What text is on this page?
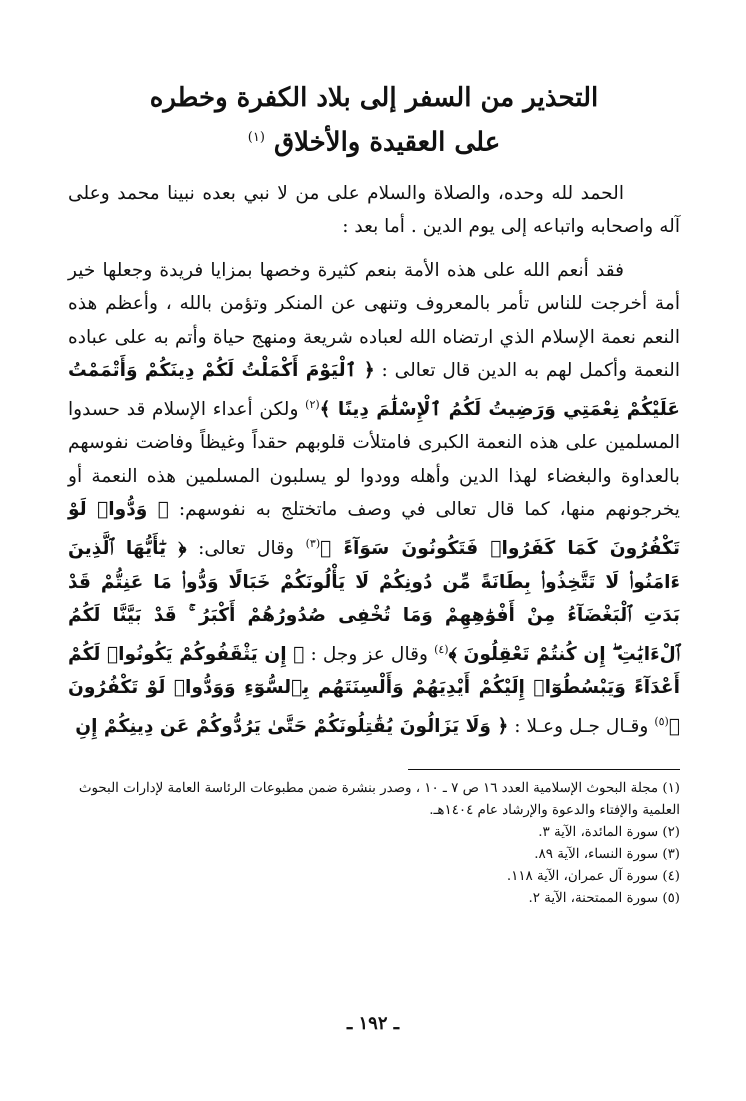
التحذير من السفر إلى بلاد الكفرة وخطره
على العقيدة والأخلاق $^{(١)}$

الحمد لله وحده، والصلاة والسلام على من لا نبي بعده نبينا محمد وعلى آله واصحابه واتباعه إلى يوم الدين . أما بعد :

فقد أنعم الله على هذه الأمة بنعم كثيرة وخصها بمزايا فريدة وجعلها خير أمة أخرجت للناس تأمر بالمعروف وتنهى عن المنكر وتؤمن بالله ، وأعظم هذه النعم نعمة الإسلام الذي ارتضاه الله لعباده شريعة ومنهج حياة وأتم به على عباده النعمة وأكمل لهم به الدين قال تعالى : ﴿ ٱلْيَوْمَ أَكْمَلْتُ لَكُمْ دِينَكُمْ وَأَتْمَمْتُ عَلَيْكُمْ نِعْمَتِي وَرَضِيتُ لَكُمُ ٱلْإِسْلَٰمَ دِينًا ﴾$^{(٢)}$ ولكن أعداء الإسلام قد حسدوا المسلمين على هذه النعمة الكبرى فامتلأت قلوبهم حقداً وغيظاً وفاضت نفوسهم بالعداوة والبغضاء لهذا الدين وأهله وودوا لو يسلبون المسلمين هذه النعمة أو يخرجونهم منها، كما قال تعالى في وصف ماتختلج به نفوسهم: ﴿ وَدُّوا۟ لَوْ تَكْفُرُونَ كَمَا كَفَرُوا۟ فَتَكُونُونَ سَوَآءً ﴾$^{(٣)}$ وقال تعالى: ﴿ يَٰٓأَيُّهَا ٱلَّذِينَ ءَامَنُوا۟ لَا تَتَّخِذُوا۟ بِطَانَةً مِّن دُونِكُمْ لَا يَأْلُونَكُمْ خَبَالًا وَدُّوا۟ مَا عَنِتُّمْ قَدْ بَدَتِ ٱلْبَغْضَآءُ مِنْ أَفْوَٰهِهِمْ وَمَا تُخْفِى صُدُورُهُمْ أَكْبَرُ ۚ قَدْ بَيَّنَّا لَكُمُ ٱلْءَايَٰتِ ۖ إِن كُنتُمْ تَعْقِلُونَ ﴾$^{(٤)}$ وقال عز وجل : ﴿ إِن يَثْقَفُوكُمْ يَكُونُوا۟ لَكُمْ أَعْدَآءً وَيَبْسُطُوٓا۟ إِلَيْكُمْ أَيْدِيَهُمْ وَأَلْسِنَتَهُم بِٱلسُّوٓءِ وَوَدُّوا۟ لَوْ تَكْفُرُونَ ﴾$^{(٥)}$ وقـال جـل وعـلا : ﴿ وَلَا يَزَالُونَ يُقَٰتِلُونَكُمْ حَتَّىٰ يَرُدُّوكُمْ عَن دِينِكُمْ إِنِ

(١) مجلة البحوث الإسلامية العدد ١٦ ص ٧ ـ ١٠ ، وصدر بنشرة ضمن مطبوعات الرئاسة العامة لإدارات البحوث العلمية والإفتاء والدعوة والإرشاد عام ١٤٠٤هـ.

(٢) سورة المائدة، الآية ٣.

(٣) سورة النساء، الآية ٨٩.

(٤) سورة آل عمران، الآية ١١٨.

(٥) سورة الممتحنة، الآية ٢.

ـ ١٩٢ ـ
